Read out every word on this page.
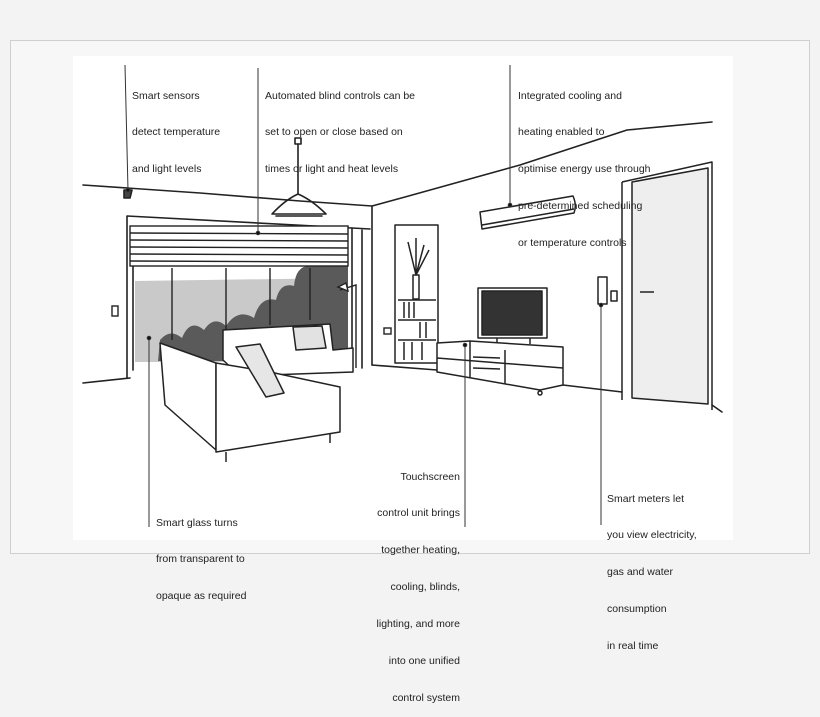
Smart sensors

detect temperature

and light levels

Automated blind controls can be

set to open or close based on

times or light and heat levels

Integrated cooling and

heating enabled to

optimise energy use through

pre-determined scheduling

or temperature controls

Smart glass turns

from transparent to

opaque as required

Touchscreen

control unit brings

together heating,

cooling, blinds,

lighting, and more

into one unified

control system

Smart meters let

you view electricity,

gas and water

consumption

in real time
